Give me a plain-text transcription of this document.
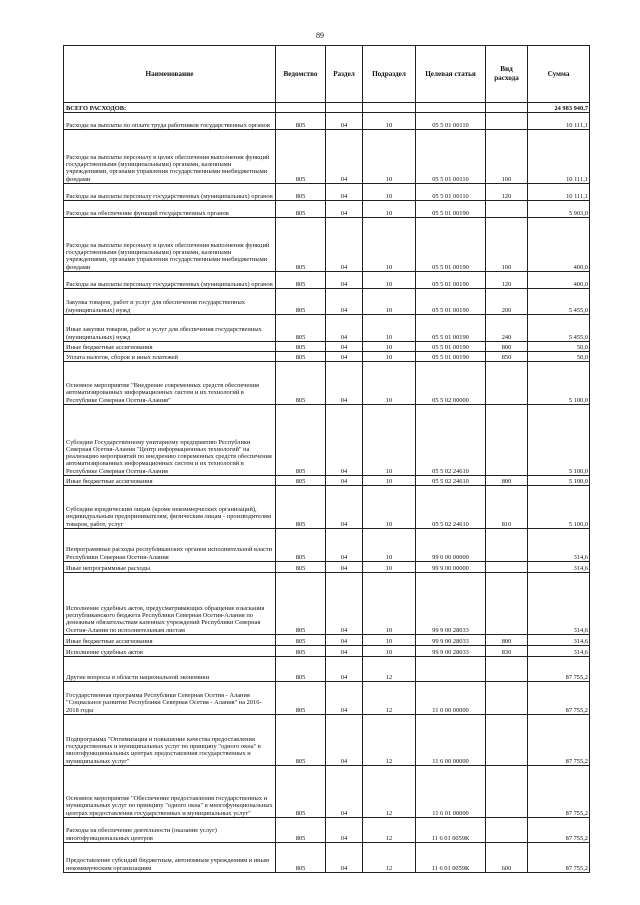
89
Наименование	Ведомство	Раздел	Подраздел	Целевая статья	Вид расхода	Сумма
ВСЕГО РАСХОДОВ:						24 983 940,7
Расходы на выплаты по оплате труда работников государственных органов	805	04	10	05 5 01 00110		10 111,1
Расходы на выплаты персоналу в целях обеспечения выполнения функций государственными (муниципальными) органами, казенными учреждениями, органами управления государственными внебюджетными фондами	805	04	10	05 5 01 00110	100	10 111,1
Расходы на выплаты персоналу государственных (муниципальных) органов	805	04	10	05 5 01 00110	120	10 111,1
Расходы на обеспечение функций государственных органов	805	04	10	05 5 01 00190		5 903,0
Расходы на выплаты персоналу в целях обеспечения выполнения функций государственными (муниципальными) органами, казенными учреждениями, органами управления государственными внебюджетными фондами	805	04	10	05 5 01 00190	100	400,0
Расходы на выплаты персоналу государственных (муниципальных) органов	805	04	10	05 5 01 00190	120	400,0
Закупка товаров, работ и услуг для обеспечения государственных (муниципальных) нужд	805	04	10	05 5 01 00190	200	5 455,0
Иные закупки товаров, работ и услуг для обеспечения государственных (муниципальных) нужд	805	04	10	05 5 01 00190	240	5 455,0
Иные бюджетные ассигнования	805	04	10	05 5 01 00190	800	50,0
Уплата налогов, сборов и иных платежей	805	04	10	05 5 01 00190	850	50,0
Основное мероприятие "Внедрение современных средств обеспечения автоматизированных информационных систем и их технологий в Республике Северная Осетия-Алания"	805	04	10	05 5 02 00000		5 100,0
Субсидии Государственному унитарному предприятию Республики Северная Осетия-Алания "Центр информационных технологий" на реализацию мероприятий по внедрению современных средств обеспечения автоматизированных информационных систем и их технологий в Республике Северная Осетия-Алания	805	04	10	05 5 02 24610		5 100,0
Иные бюджетные ассигнования	805	04	10	05 5 02 24610	800	5 100,0
Субсидии юридическим лицам (кроме некоммерческих организаций), индивидуальным предпринимателям, физическим лицам - производителям товаров, работ, услуг	805	04	10	05 5 02 24610	810	5 100,0
Непрограммные расходы республиканских органов исполнительной власти Республики Северная Осетия-Алания	805	04	10	99 0 00 00000		314,6
Иные непрограммные расходы	805	04	10	99 9 00 00000		314,6
Исполнение судебных актов, предусматривающих обращение взыскания республиканского бюджета Республики Северная Осетия-Алания по денежным обязательствам казенных учреждений Республики Северная Осетия-Алания по исполнительным листам	805	04	10	99 9 00 28033		314,6
Иные бюджетные ассигнования	805	04	10	99 9 00 28033	800	314,6
Исполнение судебных актов	805	04	10	99 9 00 28033	830	314,6
Другие вопросы в области национальной экономики	805	04	12			87 755,2
Государственная программа Республики Северная Осетия - Алания "Социальное развитие Республики Северная Осетия - Алания" на 2016-2018 годы	805	04	12	11 0 00 00000		87 755,2
Подпрограмма "Оптимизация и повышение качества предоставления государственных и муниципальных услуг по принципу "одного окна" в многофункциональных центрах предоставления государственных и муниципальных услуг"	805	04	12	11 6 00 00000		87 755,2
Основное мероприятие "Обеспечение предоставления государственных и муниципальных услуг по принципу "одного окна" в многофункциональных центрах предоставления государственных и муниципальных услуг"	805	04	12	11 6 01 00000		87 755,2
Расходы на обеспечение деятельности (оказание услуг) многофункциональных центров	805	04	12	11 6 01 0059К		87 755,2
Предоставление субсидий бюджетным, автономным учреждениям и иным некоммерческим организациям	805	04	12	11 6 01 0059К	600	87 755,2
